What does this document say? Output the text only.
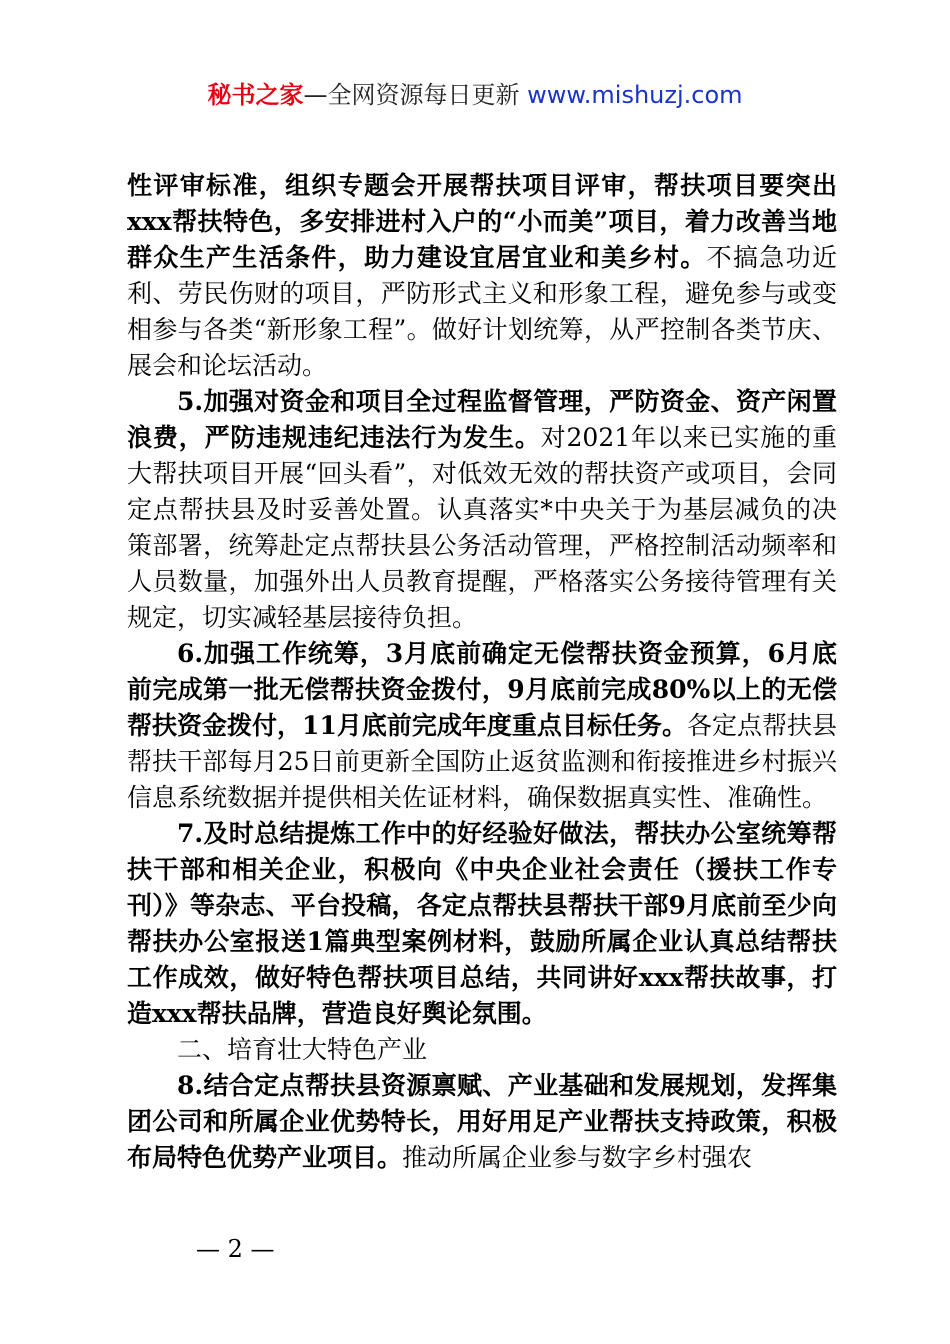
秘书之家—全网资源每日更新 www.mishuzj.com

性评审标准，组织专题会开展帮扶项目评审，帮扶项目要突出xxx帮扶特色，多安排进村入户的“小而美”项目，着力改善当地群众生产生活条件，助力建设宜居宜业和美乡村。不搞急功近利、劳民伤财的项目，严防形式主义和形象工程，避免参与或变相参与各类“新形象工程”。做好计划统筹，从严控制各类节庆、展会和论坛活动。

5.加强对资金和项目全过程监督管理，严防资金、资产闲置浪费，严防违规违纪违法行为发生。对2021年以来已实施的重大帮扶项目开展“回头看”，对低效无效的帮扶资产或项目，会同定点帮扶县及时妥善处置。认真落实*中央关于为基层减负的决策部署，统筹赴定点帮扶县公务活动管理，严格控制活动频率和人员数量，加强外出人员教育提醒，严格落实公务接待管理有关规定，切实减轻基层接待负担。

6.加强工作统筹，3月底前确定无偿帮扶资金预算，6月底前完成第一批无偿帮扶资金拨付，9月底前完成80%以上的无偿帮扶资金拨付，11月底前完成年度重点目标任务。各定点帮扶县帮扶干部每月25日前更新全国防止返贫监测和衔接推进乡村振兴信息系统数据并提供相关佐证材料，确保数据真实性、准确性。

7.及时总结提炼工作中的好经验好做法，帮扶办公室统筹帮扶干部和相关企业，积极向《中央企业社会责任（援扶工作专刊）》等杂志、平台投稿，各定点帮扶县帮扶干部9月底前至少向帮扶办公室报送1篇典型案例材料，鼓励所属企业认真总结帮扶工作成效，做好特色帮扶项目总结，共同讲好xxx帮扶故事，打造xxx帮扶品牌，营造良好舆论氛围。

二、培育壮大特色产业

8.结合定点帮扶县资源禀赋、产业基础和发展规划，发挥集团公司和所属企业优势特长，用好用足产业帮扶支持政策，积极布局特色优势产业项目。推动所属企业参与数字乡村强农

— 2 —
